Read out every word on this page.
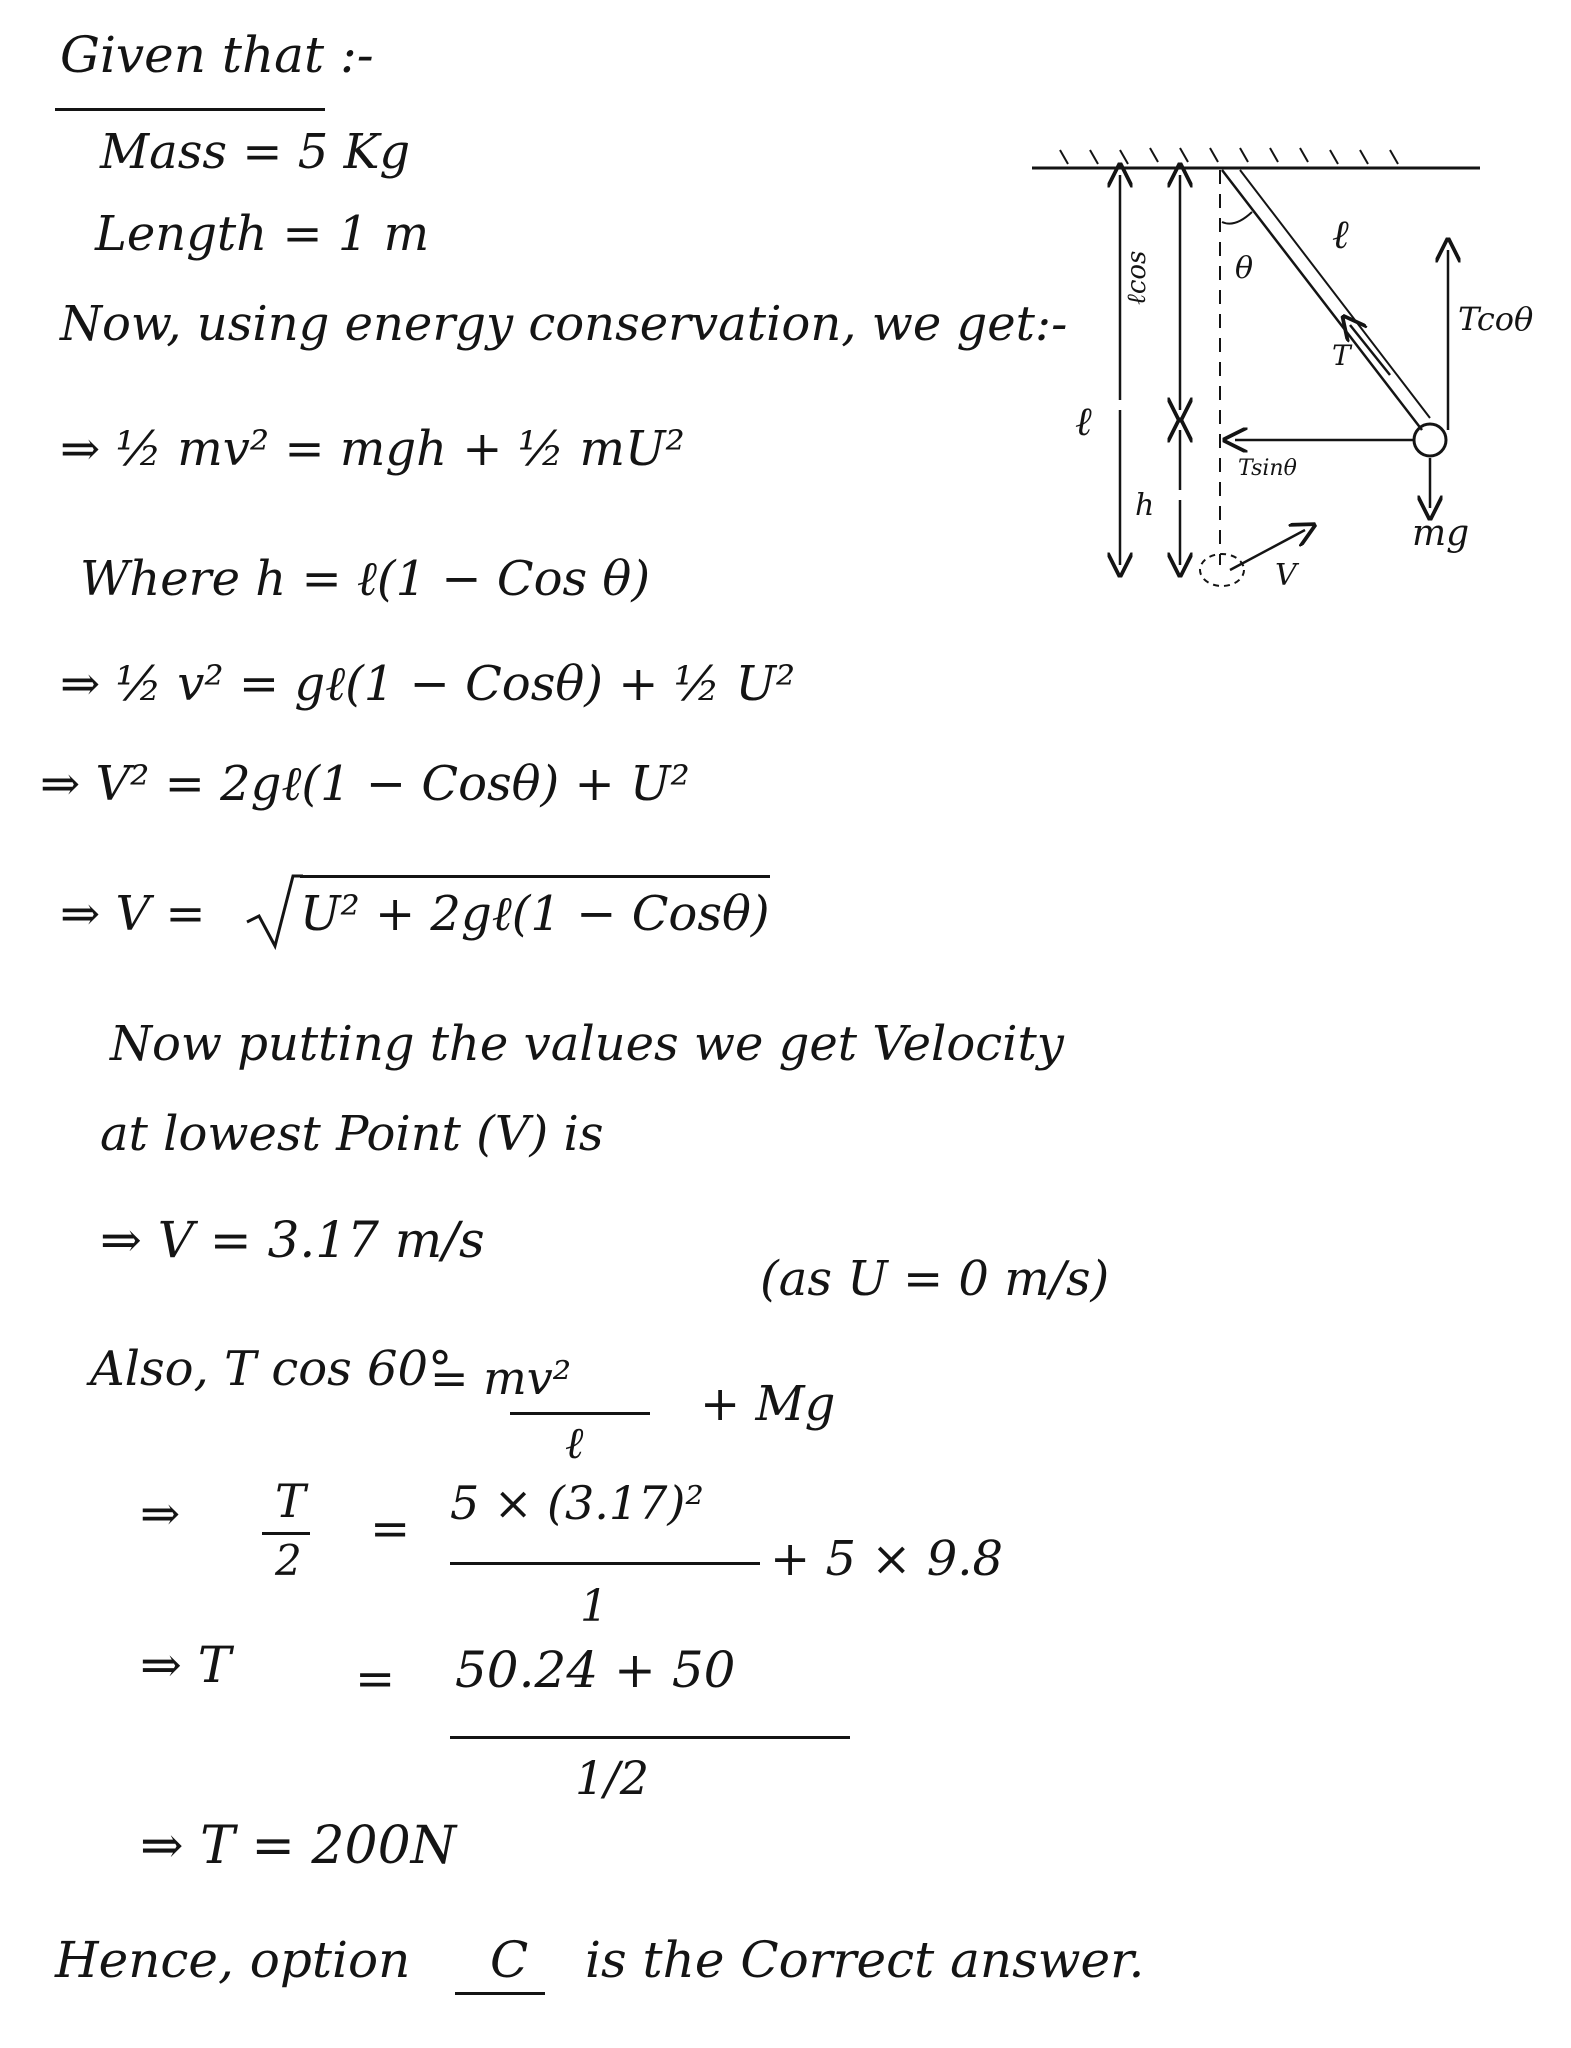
Given that :-
Mass = 5 Kg
Length = 1 m
Now, using energy conservation, we get:-
⇒ ½ mv² = mgh + ½ mU²
Where h = ℓ(1 − Cos θ)
⇒ ½ v² = gℓ(1 − Cosθ) + ½ U²
⇒ V² = 2gℓ(1 − Cosθ) + U²
⇒ V = U² + 2gℓ(1 − Cosθ)
Now putting the values we get Velocity
at lowest Point (V) is
⇒ V = 3.17 m/s
(as U = 0 m/s)
Also, T cos 60°
= mv²
ℓ
+ Mg
⇒ T
2
= 5 × (3.17)²
1
+ 5 × 9.8
⇒ T	= 50.24 + 50
1/2
⇒ T = 200N
Hence, option C is the Correct answer.
ℓcos	θ
ℓ
Tcoθ
T
ℓ
Tsinθ
h
mg
V
